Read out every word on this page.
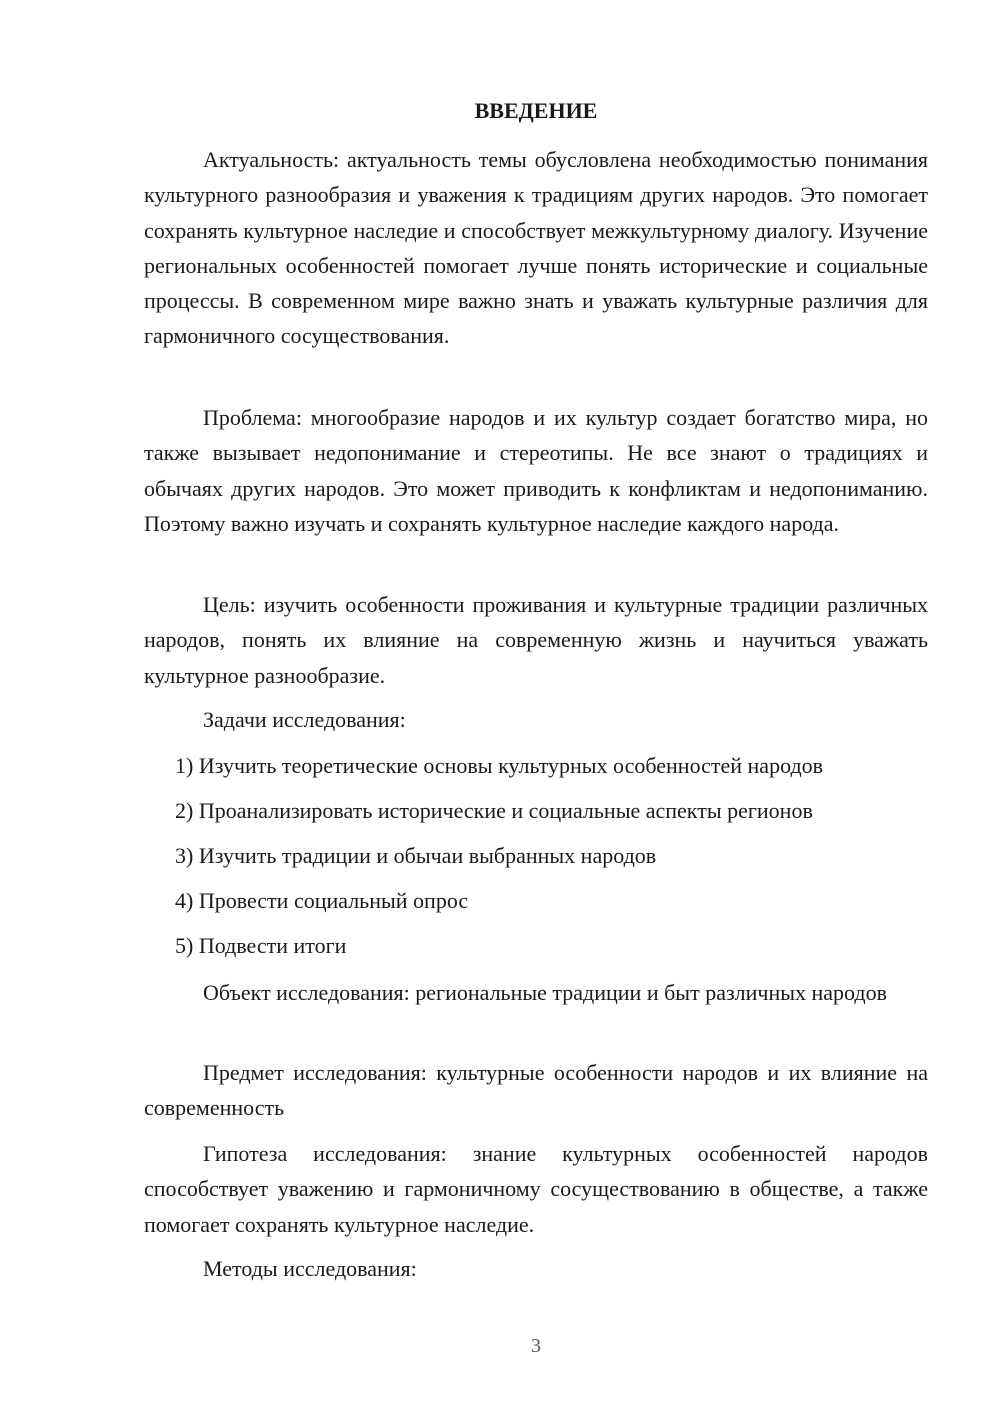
ВВЕДЕНИЕ

Актуальность: актуальность темы обусловлена необходимостью понимания культурного разнообразия и уважения к традициям других народов. Это помогает сохранять культурное наследие и способствует межкультурному диалогу. Изучение региональных особенностей помогает лучше понять исторические и социальные процессы. В современном мире важно знать и уважать культурные различия для гармоничного сосуществования.

Проблема: многообразие народов и их культур создает богатство мира, но также вызывает недопонимание и стереотипы. Не все знают о традициях и обычаях других народов. Это может приводить к конфликтам и недопониманию. Поэтому важно изучать и сохранять культурное наследие каждого народа.

Цель: изучить особенности проживания и культурные традиции различных народов, понять их влияние на современную жизнь и научиться уважать культурное разнообразие.

Задачи исследования:
1) Изучить теоретические основы культурных особенностей народов
2) Проанализировать исторические и социальные аспекты регионов
3) Изучить традиции и обычаи выбранных народов
4) Провести социальный опрос
5) Подвести итоги

Объект исследования: региональные традиции и быт различных народов

Предмет исследования: культурные особенности народов и их влияние на современность

Гипотеза исследования: знание культурных особенностей народов способствует уважению и гармоничному сосуществованию в обществе, а также помогает сохранять культурное наследие.

Методы исследования:
3
